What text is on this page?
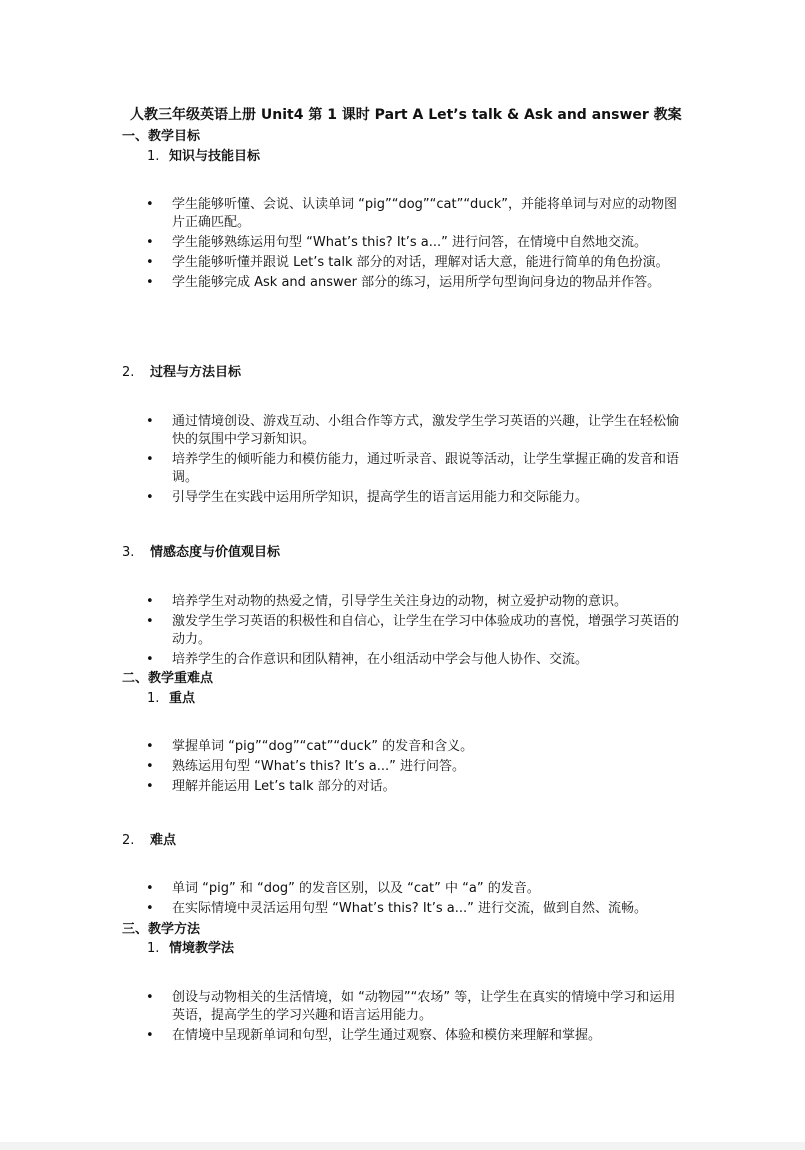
人教三年级英语上册 Unit4 第 1 课时 Part A Let’s talk & Ask and answer 教案
一、教学目标
1. 知识与技能目标
• 学生能够听懂、会说、认读单词 “pig”“dog”“cat”“duck”，并能将单词与对应的动物图片正确匹配。
• 学生能够熟练运用句型 “What’s this? It’s a...” 进行问答，在情境中自然地交流。
• 学生能够听懂并跟说 Let’s talk 部分的对话，理解对话大意，能进行简单的角色扮演。
• 学生能够完成 Ask and answer 部分的练习，运用所学句型询问身边的物品并作答。
2. 过程与方法目标
• 通过情境创设、游戏互动、小组合作等方式，激发学生学习英语的兴趣，让学生在轻松愉快的氛围中学习新知识。
• 培养学生的倾听能力和模仿能力，通过听录音、跟说等活动，让学生掌握正确的发音和语调。
• 引导学生在实践中运用所学知识，提高学生的语言运用能力和交际能力。
3. 情感态度与价值观目标
• 培养学生对动物的热爱之情，引导学生关注身边的动物，树立爱护动物的意识。
• 激发学生学习英语的积极性和自信心，让学生在学习中体验成功的喜悦，增强学习英语的动力。
• 培养学生的合作意识和团队精神，在小组活动中学会与他人协作、交流。
二、教学重难点
1. 重点
• 掌握单词 “pig”“dog”“cat”“duck” 的发音和含义。
• 熟练运用句型 “What’s this? It’s a...” 进行问答。
• 理解并能运用 Let’s talk 部分的对话。
2. 难点
• 单词 “pig” 和 “dog” 的发音区别，以及 “cat” 中 “a” 的发音。
• 在实际情境中灵活运用句型 “What’s this? It’s a...” 进行交流，做到自然、流畅。
三、教学方法
1. 情境教学法
• 创设与动物相关的生活情境，如 “动物园”“农场” 等，让学生在真实的情境中学习和运用英语，提高学生的学习兴趣和语言运用能力。
• 在情境中呈现新单词和句型，让学生通过观察、体验和模仿来理解和掌握。
